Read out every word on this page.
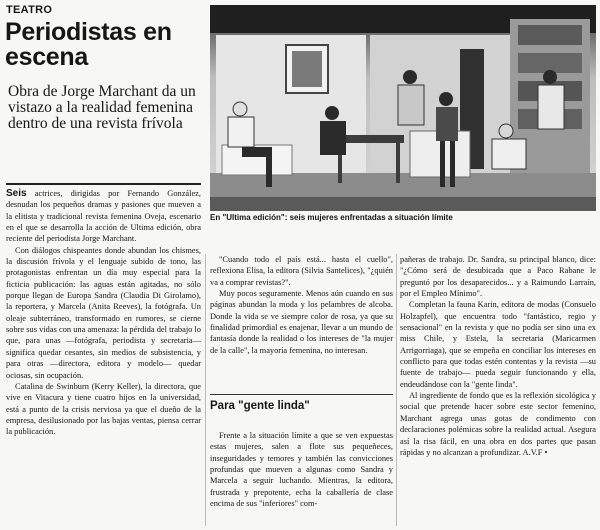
TEATRO
Periodistas en escena

Obra de Jorge Marchant da un vistazo a la realidad femenina dentro de una revista frívola

En "Ultima edición": seis mujeres enfrentadas a situación límite

Seis actrices, dirigidas por Fernando González, desnudan los pequeños dramas y pasiones que mueven a la elitista y tradicional revista femenina Oveja, escenario en el que se desarrolla la acción de Ultima edición, obra reciente del periodista Jorge Marchant.

Con diálogos chispeantes donde abundan los chismes, la discusión frívola y el lenguaje subido de tono, las protagonistas enfrentan un día muy especial para la ficticia publicación: las aguas están agitadas, no sólo porque llegan de Europa Sandra (Claudia Di Girolamo), la reportera, y Marcela (Anita Reeves), la fotógrafa. Un oleaje subterráneo, transformado en rumores, se cierne sobre sus vidas con una amenaza: la pérdida del trabajo lo que, para unas —fotógrafa, periodista y secretaria— significa quedar cesantes, sin medios de subsistencia, y para otras —directora, editora y modelo— quedar ociosas, sin ocupación.

Catalina de Swinburn (Kerry Keller), la directora, que vive en Vitacura y tiene cuatro hijos en la universidad, está a punto de la crisis nerviosa ya que el dueño de la empresa, desilusionado por las bajas ventas, piensa cerrar la publicación.

"Cuando todo el país está... hasta el cuello", reflexiona Elisa, la editora (Silvia Santelices), "¿quién va a comprar revistas?".

Muy pocos seguramente. Menos aún cuando en sus páginas abundan la moda y los pelambres de alcoba. Donde la vida se ve siempre color de rosa, ya que su finalidad primordial es enajenar, llevar a un mundo de fantasía donde la realidad o los intereses de "la mujer de la calle", la mayoría femenina, no interesan.

Para "gente linda"

Frente a la situación límite a que se ven expuestas estas mujeres, salen a flote sus pequeñeces, inseguridades y temores y también las convicciones profundas que mueven a algunas como Sandra y Marcela a seguir luchando. Mientras, la editora, frustrada y prepotente, echa la caballería de clase encima de sus "inferiores" com-

pañeras de trabajo. Dr. Sandra, su principal blanco, dice: "¿Cómo será de desubicada que a Paco Rabane le preguntó por los desaparecidos... y a Raimundo Larraín, por el Empleo Mínimo".

Completan la fauna Karin, editora de modas (Consuelo Holzapfel), que encuentra todo "fantástico, regio y sensacional" en la revista y que no podía ser sino una ex miss Chile, y Estela, la secretaria (Maricarmen Arrigorriaga), que se empeña en conciliar los intereses en conflicto para que todas estén contentas y la revista —su fuente de trabajo— pueda seguir funcionando y ella, endeudándose con la "gente linda".

Al ingrediente de fondo que es la reflexión sicológica y social que pretende hacer sobre este sector femenino, Marchant agrega unas gotas de condimento con declaraciones polémicas sobre la realidad actual. Asegura así la risa fácil, en una obra en dos partes que pasan rápidas y no alcanzan a profundizar. A.V.F •
